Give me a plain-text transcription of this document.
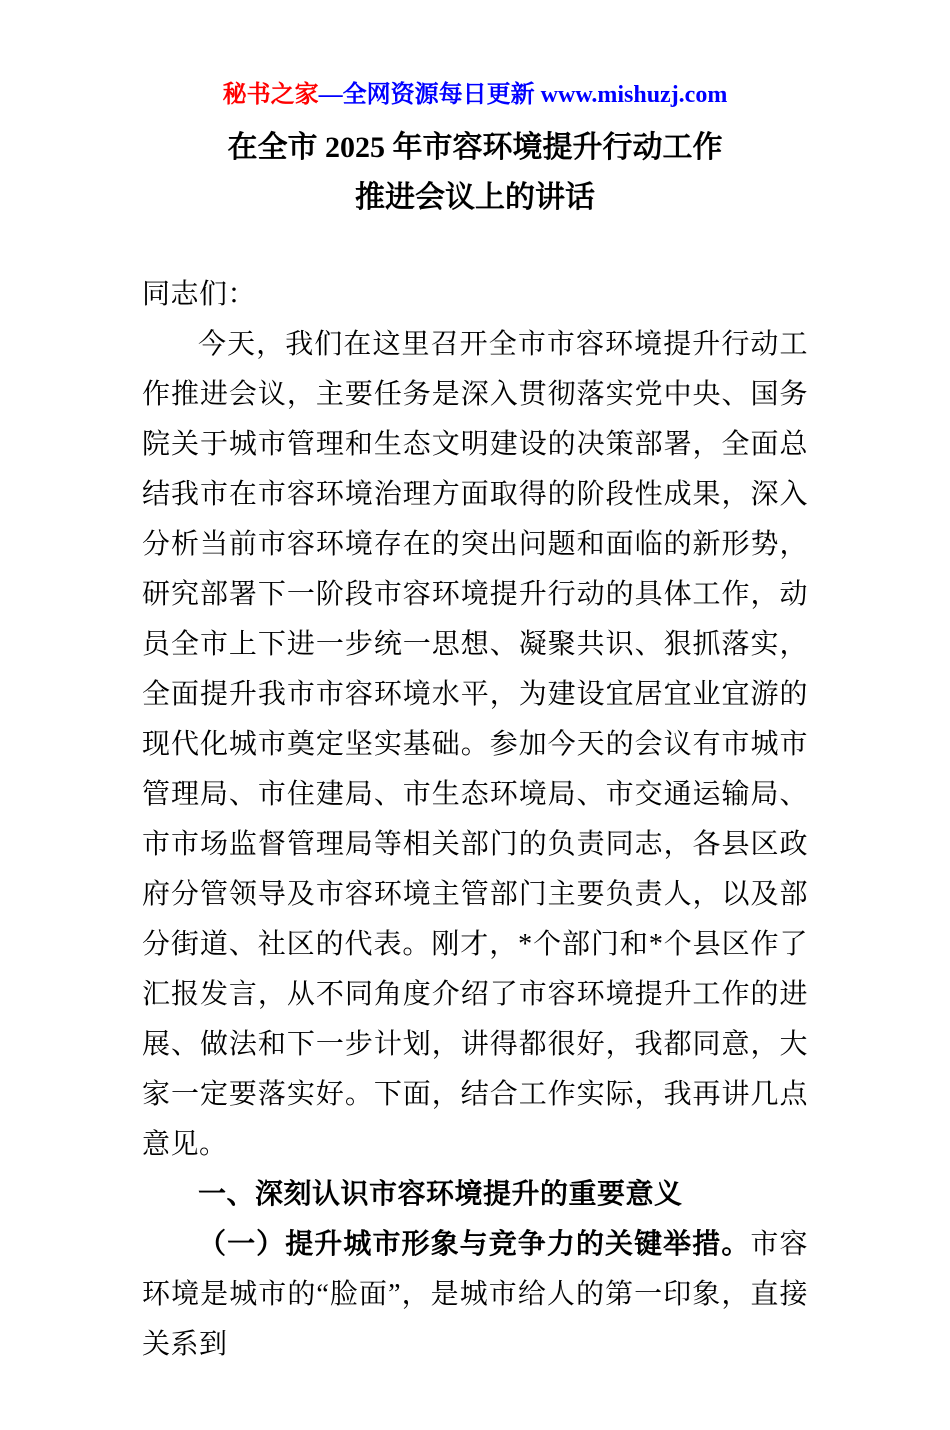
秘书之家—全网资源每日更新 www.mishuzj.com
在全市 2025 年市容环境提升行动工作
推进会议上的讲话

同志们：

今天，我们在这里召开全市市容环境提升行动工作推进会议，主要任务是深入贯彻落实党中央、国务院关于城市管理和生态文明建设的决策部署，全面总结我市在市容环境治理方面取得的阶段性成果，深入分析当前市容环境存在的突出问题和面临的新形势，研究部署下一阶段市容环境提升行动的具体工作，动员全市上下进一步统一思想、凝聚共识、狠抓落实，全面提升我市市容环境水平，为建设宜居宜业宜游的现代化城市奠定坚实基础。参加今天的会议有市城市管理局、市住建局、市生态环境局、市交通运输局、市市场监督管理局等相关部门的负责同志，各县区政府分管领导及市容环境主管部门主要负责人，以及部分街道、社区的代表。刚才，*个部门和*个县区作了汇报发言，从不同角度介绍了市容环境提升工作的进展、做法和下一步计划，讲得都很好，我都同意，大家一定要落实好。下面，结合工作实际，我再讲几点意见。

一、深刻认识市容环境提升的重要意义

（一）提升城市形象与竞争力的关键举措。市容环境是城市的“脸面”，是城市给人的第一印象，直接关系到
